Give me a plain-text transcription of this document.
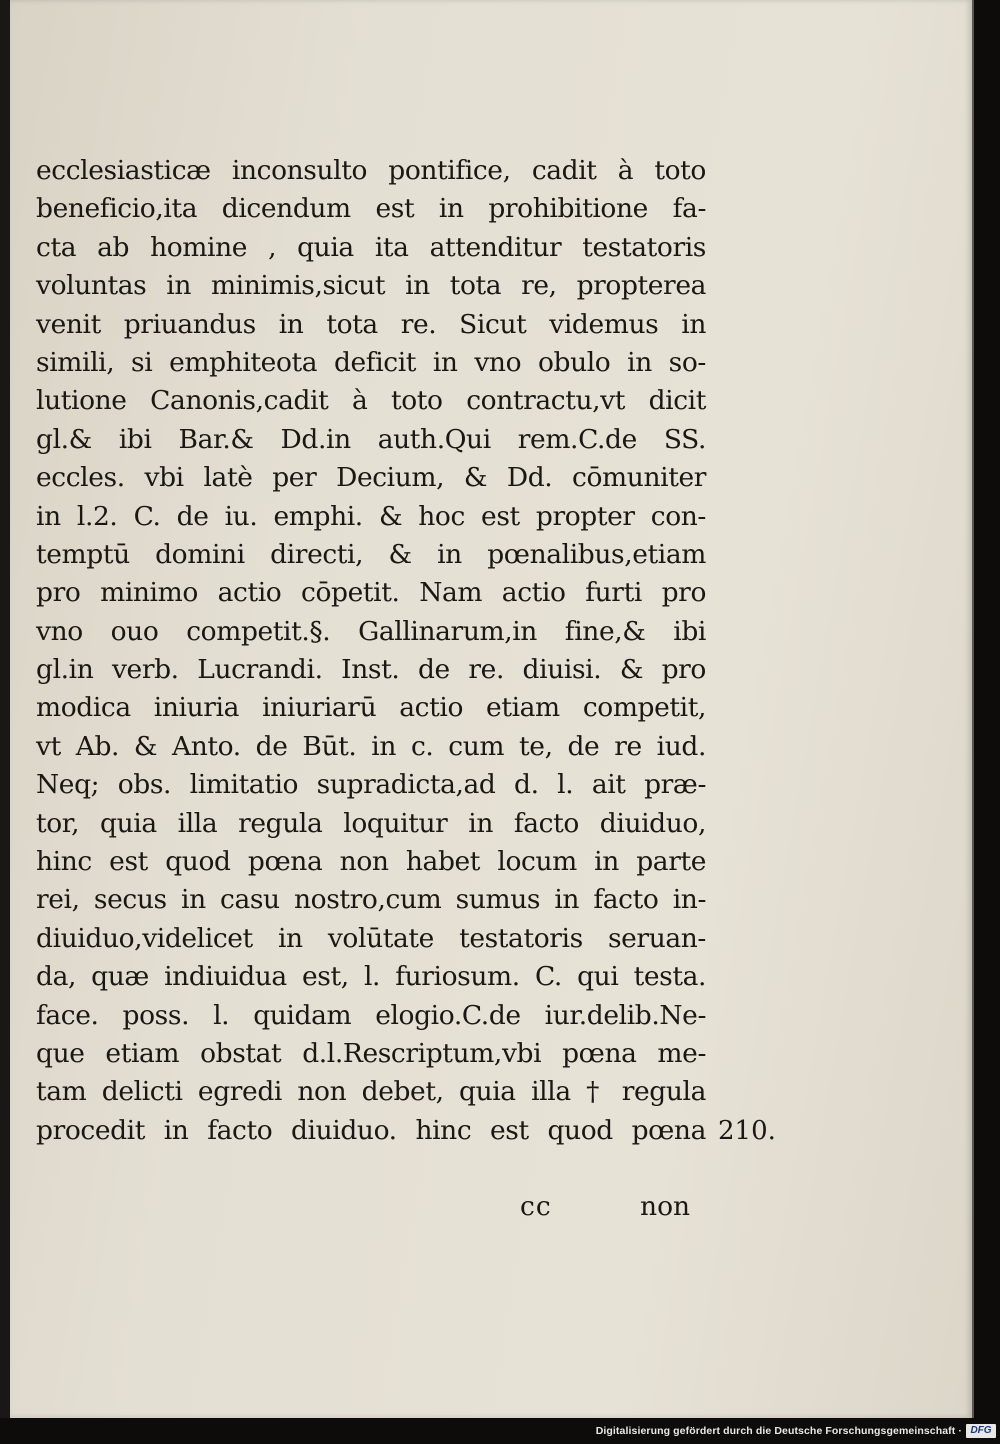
ecclesiasticæ inconsulto pontifice, cadit à toto
beneficio,ita dicendum est in prohibitione fa-
cta ab homine , quia ita attenditur testatoris
voluntas in minimis,sicut in tota re, propterea
venit priuandus in tota re. Sicut videmus in
simili, si emphiteota deficit in vno obulo in so-
lutione Canonis,cadit à toto contractu,vt dicit
gl.& ibi Bar.& Dd.in auth.Qui rem.C.de SS.
eccles. vbi latè per Decium, & Dd. cōmuniter
in l.2. C. de iu. emphi. & hoc est propter con-
temptū domini directi, & in pœnalibus,etiam
pro minimo actio cōpetit. Nam actio furti pro
vno ouo competit.§. Gallinarum,in fine,& ibi
gl.in verb. Lucrandi. Inst. de re. diuisi. & pro
modica iniuria iniuriarū actio etiam competit,
vt Ab. & Anto. de Būt. in c. cum te, de re iud.
Neq; obs. limitatio supradicta,ad d. l. ait præ-
tor, quia illa regula loquitur in facto diuiduo,
hinc est quod pœna non habet locum in parte
rei, secus in casu nostro,cum sumus in facto in-
diuiduo,videlicet in volūtate testatoris seruan-
da, quæ indiuidua est, l. furiosum. C. qui testa.
face. poss. l. quidam elogio.C.de iur.delib.Ne-
que etiam obstat d.l.Rescriptum,vbi pœna me-
tam delicti egredi non debet, quia illa † regula
procedit in facto diuiduo. hinc est quod pœna 210.
cc	non
Digitalisierung gefördert durch die Deutsche Forschungsgemeinschaft · DFG
